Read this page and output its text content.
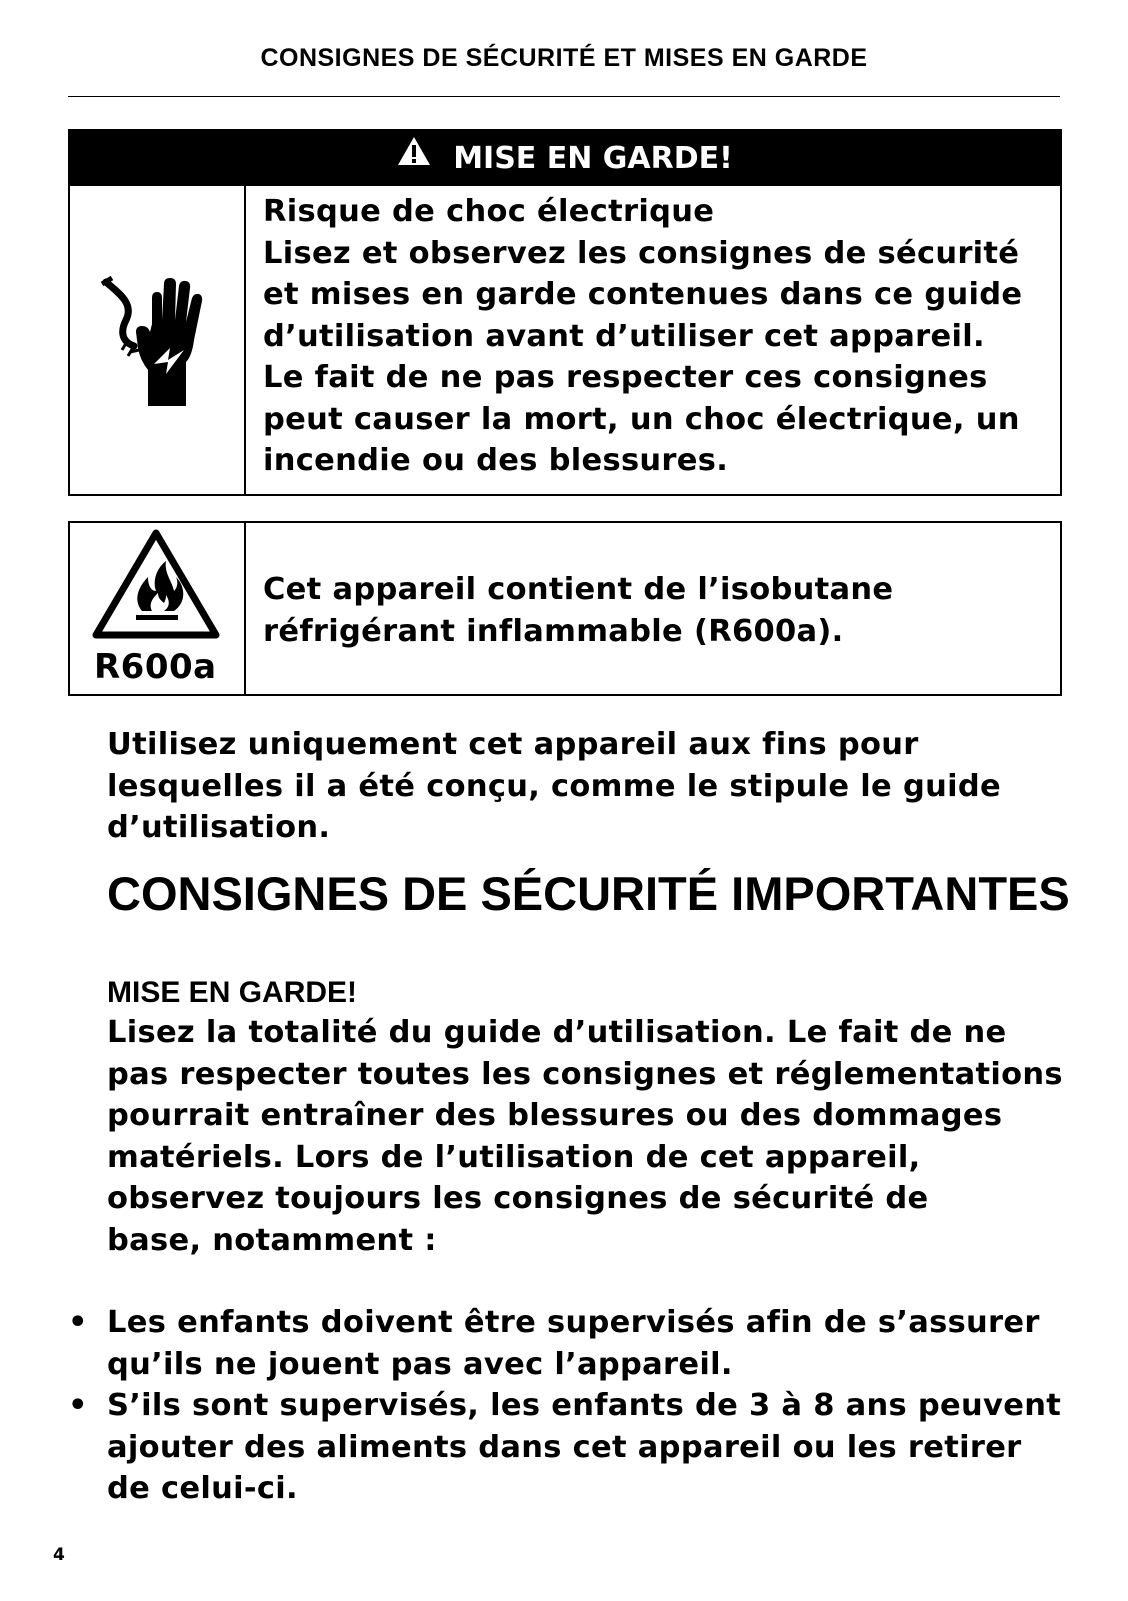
CONSIGNES DE SÉCURITÉ ET MISES EN GARDE
MISE EN GARDE!
Risque de choc électrique
Lisez et observez les consignes de sécurité
et mises en garde contenues dans ce guide
d’utilisation avant d’utiliser cet appareil.
Le fait de ne pas respecter ces consignes
peut causer la mort, un choc électrique, un
incendie ou des blessures.
R600a
Cet appareil contient de l’isobutane
réfrigérant inflammable (R600a).
Utilisez uniquement cet appareil aux fins pour
lesquelles il a été conçu, comme le stipule le guide
d’utilisation.
CONSIGNES DE SÉCURITÉ IMPORTANTES
MISE EN GARDE!
Lisez la totalité du guide d’utilisation. Le fait de ne
pas respecter toutes les consignes et réglementations
pourrait entraîner des blessures ou des dommages
matériels. Lors de l’utilisation de cet appareil,
observez toujours les consignes de sécurité de
base, notamment :
• Les enfants doivent être supervisés afin de s’assurer
qu’ils ne jouent pas avec l’appareil.
• S’ils sont supervisés, les enfants de 3 à 8 ans peuvent
ajouter des aliments dans cet appareil ou les retirer
de celui-ci.
4
